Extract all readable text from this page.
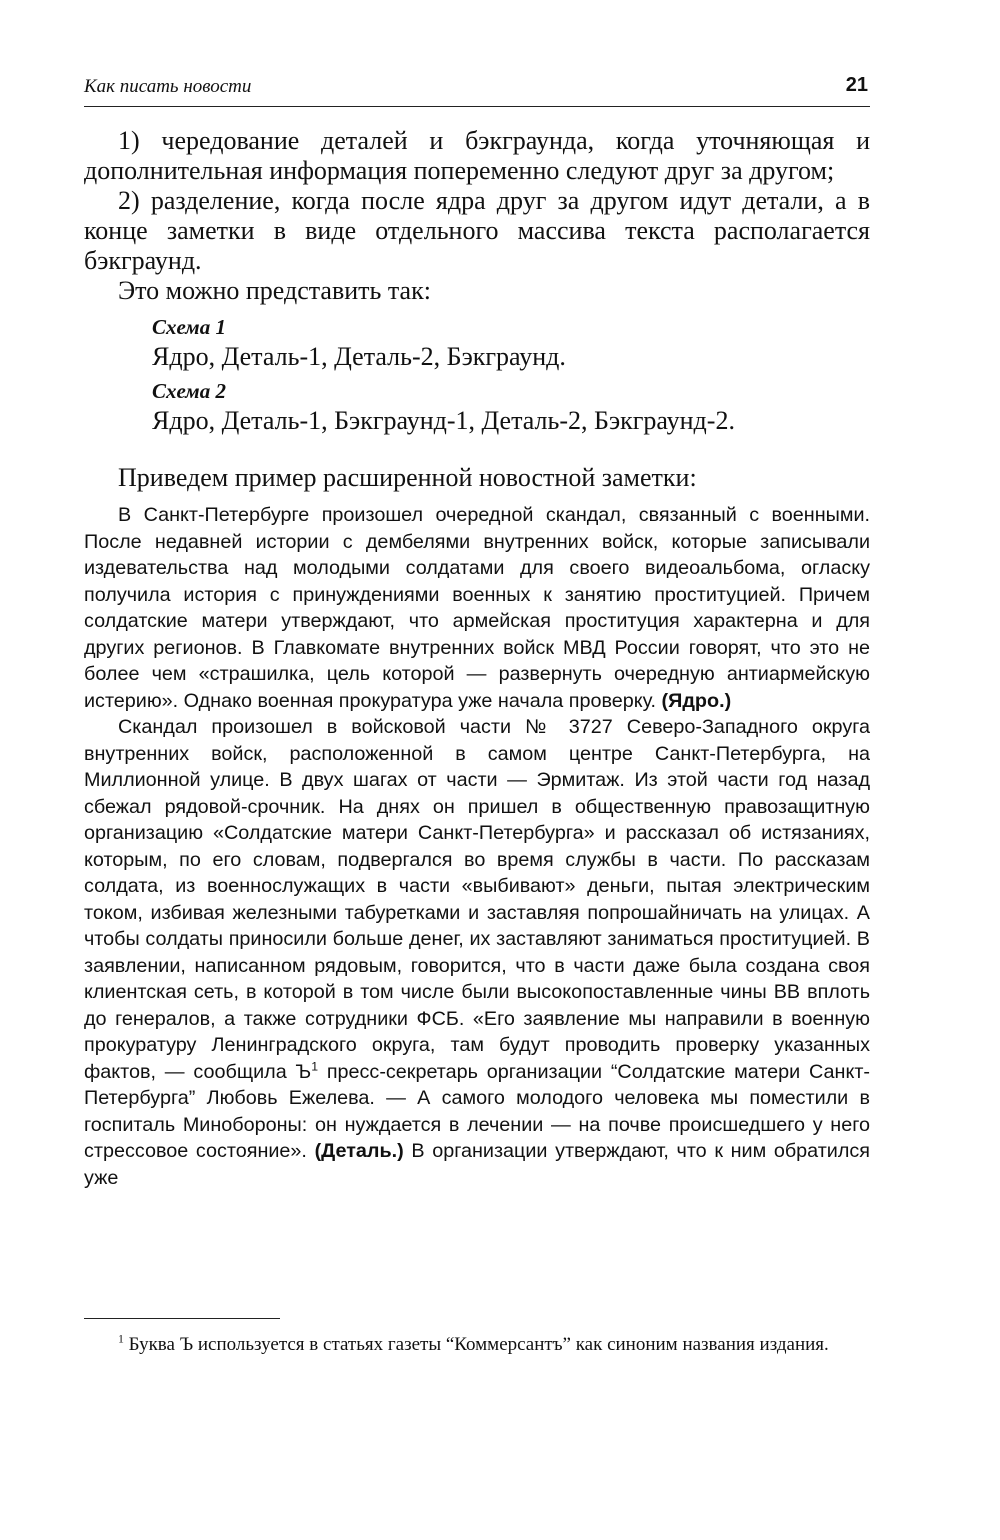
Как писать новости	21

1) чередование деталей и бэкграунда, когда уточняющая и дополнительная информация попеременно следуют друг за другом;

2) разделение, когда после ядра друг за другом идут детали, а в конце заметки в виде отдельного массива текста располагается бэкграунд.

Это можно представить так:

Схема 1

Ядро, Деталь-1, Деталь-2, Бэкграунд.

Схема 2

Ядро, Деталь-1, Бэкграунд-1, Деталь-2, Бэкграунд-2.

Приведем пример расширенной новостной заметки:

В Санкт-Петербурге произошел очередной скандал, связанный с военными. После недавней истории с дембелями внутренних войск, которые записывали издевательства над молодыми солдатами для своего видеоальбома, огласку получила история с принуждениями военных к занятию проституцией. Причем солдатские матери утверждают, что армейская проституция характерна и для других регионов. В Главкомате внутренних войск МВД России говорят, что это не более чем «страшилка, цель которой — развернуть очередную антиармейскую истерию». Однако военная прокуратура уже начала проверку. (Ядро.)

Скандал произошел в войсковой части № 3727 Северо-Западного округа внутренних войск, расположенной в самом центре Санкт-Петербурга, на Миллионной улице. В двух шагах от части — Эрмитаж. Из этой части год назад сбежал рядовой-срочник. На днях он пришел в общественную правозащитную организацию «Солдатские матери Санкт-Петербурга» и рассказал об истязаниях, которым, по его словам, подвергался во время службы в части. По рассказам солдата, из военнослужащих в части «выбивают» деньги, пытая электрическим током, избивая железными табуретками и заставляя попрошайничать на улицах. А чтобы солдаты приносили больше денег, их заставляют заниматься проституцией. В заявлении, написанном рядовым, говорится, что в части даже была создана своя клиентская сеть, в которой в том числе были высокопоставленные чины ВВ вплоть до генералов, а также сотрудники ФСБ. «Его заявление мы направили в военную прокуратуру Ленинградского округа, там будут проводить проверку указанных фактов, — сообщила $Ъ^1$ пресс-секретарь организации “Солдатские матери Санкт-Петербурга” Любовь Ежелева. — А самого молодого человека мы поместили в госпиталь Минобороны: он нуждается в лечении — на почве происшедшего у него стрессовое состояние». (Деталь.) В организации утверждают, что к ним обратился уже

$^1$ Буква Ъ используется в статьях газеты “Коммерсантъ” как синоним названия издания.
